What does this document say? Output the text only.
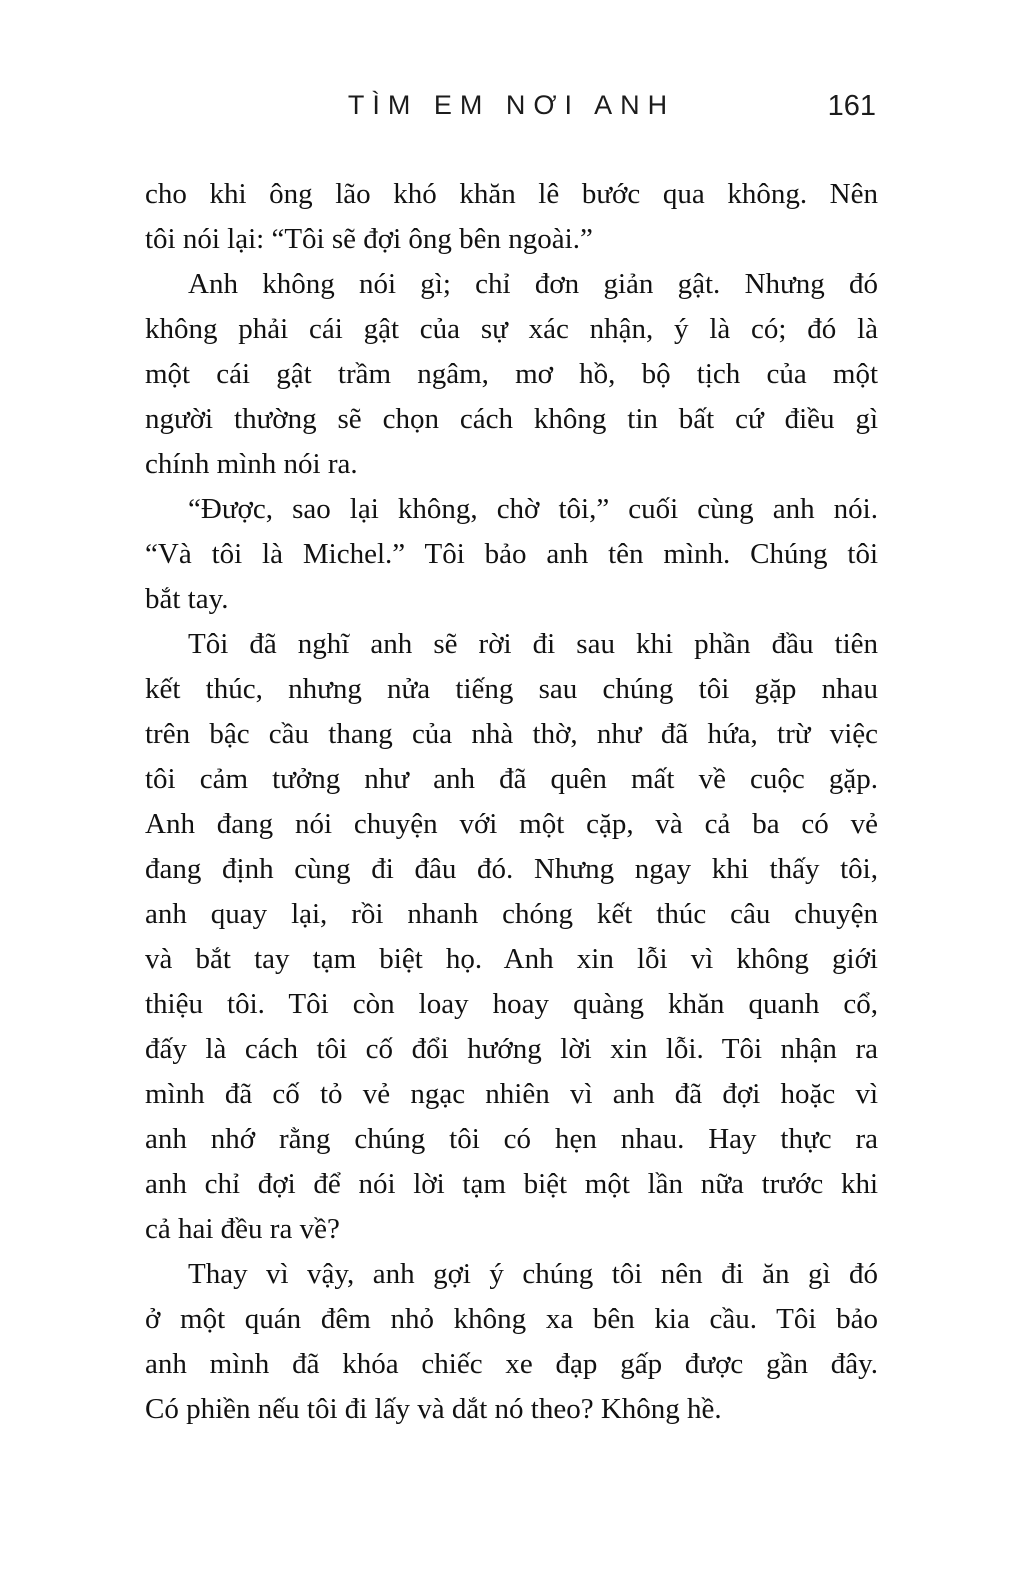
TÌM EM NƠI ANH	161
cho khi ông lão khó khăn lê bước qua không. Nên
tôi nói lại: “Tôi sẽ đợi ông bên ngoài.”
Anh không nói gì; chỉ đơn giản gật. Nhưng đó
không phải cái gật của sự xác nhận, ý là có; đó là
một cái gật trầm ngâm, mơ hồ, bộ tịch của một
người thường sẽ chọn cách không tin bất cứ điều gì
chính mình nói ra.
“Được, sao lại không, chờ tôi,” cuối cùng anh nói.
“Và tôi là Michel.” Tôi bảo anh tên mình. Chúng tôi
bắt tay.
Tôi đã nghĩ anh sẽ rời đi sau khi phần đầu tiên
kết thúc, nhưng nửa tiếng sau chúng tôi gặp nhau
trên bậc cầu thang của nhà thờ, như đã hứa, trừ việc
tôi cảm tưởng như anh đã quên mất về cuộc gặp.
Anh đang nói chuyện với một cặp, và cả ba có vẻ
đang định cùng đi đâu đó. Nhưng ngay khi thấy tôi,
anh quay lại, rồi nhanh chóng kết thúc câu chuyện
và bắt tay tạm biệt họ. Anh xin lỗi vì không giới
thiệu tôi. Tôi còn loay hoay quàng khăn quanh cổ,
đấy là cách tôi cố đổi hướng lời xin lỗi. Tôi nhận ra
mình đã cố tỏ vẻ ngạc nhiên vì anh đã đợi hoặc vì
anh nhớ rằng chúng tôi có hẹn nhau. Hay thực ra
anh chỉ đợi để nói lời tạm biệt một lần nữa trước khi
cả hai đều ra về?
Thay vì vậy, anh gợi ý chúng tôi nên đi ăn gì đó
ở một quán đêm nhỏ không xa bên kia cầu. Tôi bảo
anh mình đã khóa chiếc xe đạp gấp được gần đây.
Có phiền nếu tôi đi lấy và dắt nó theo? Không hề.
